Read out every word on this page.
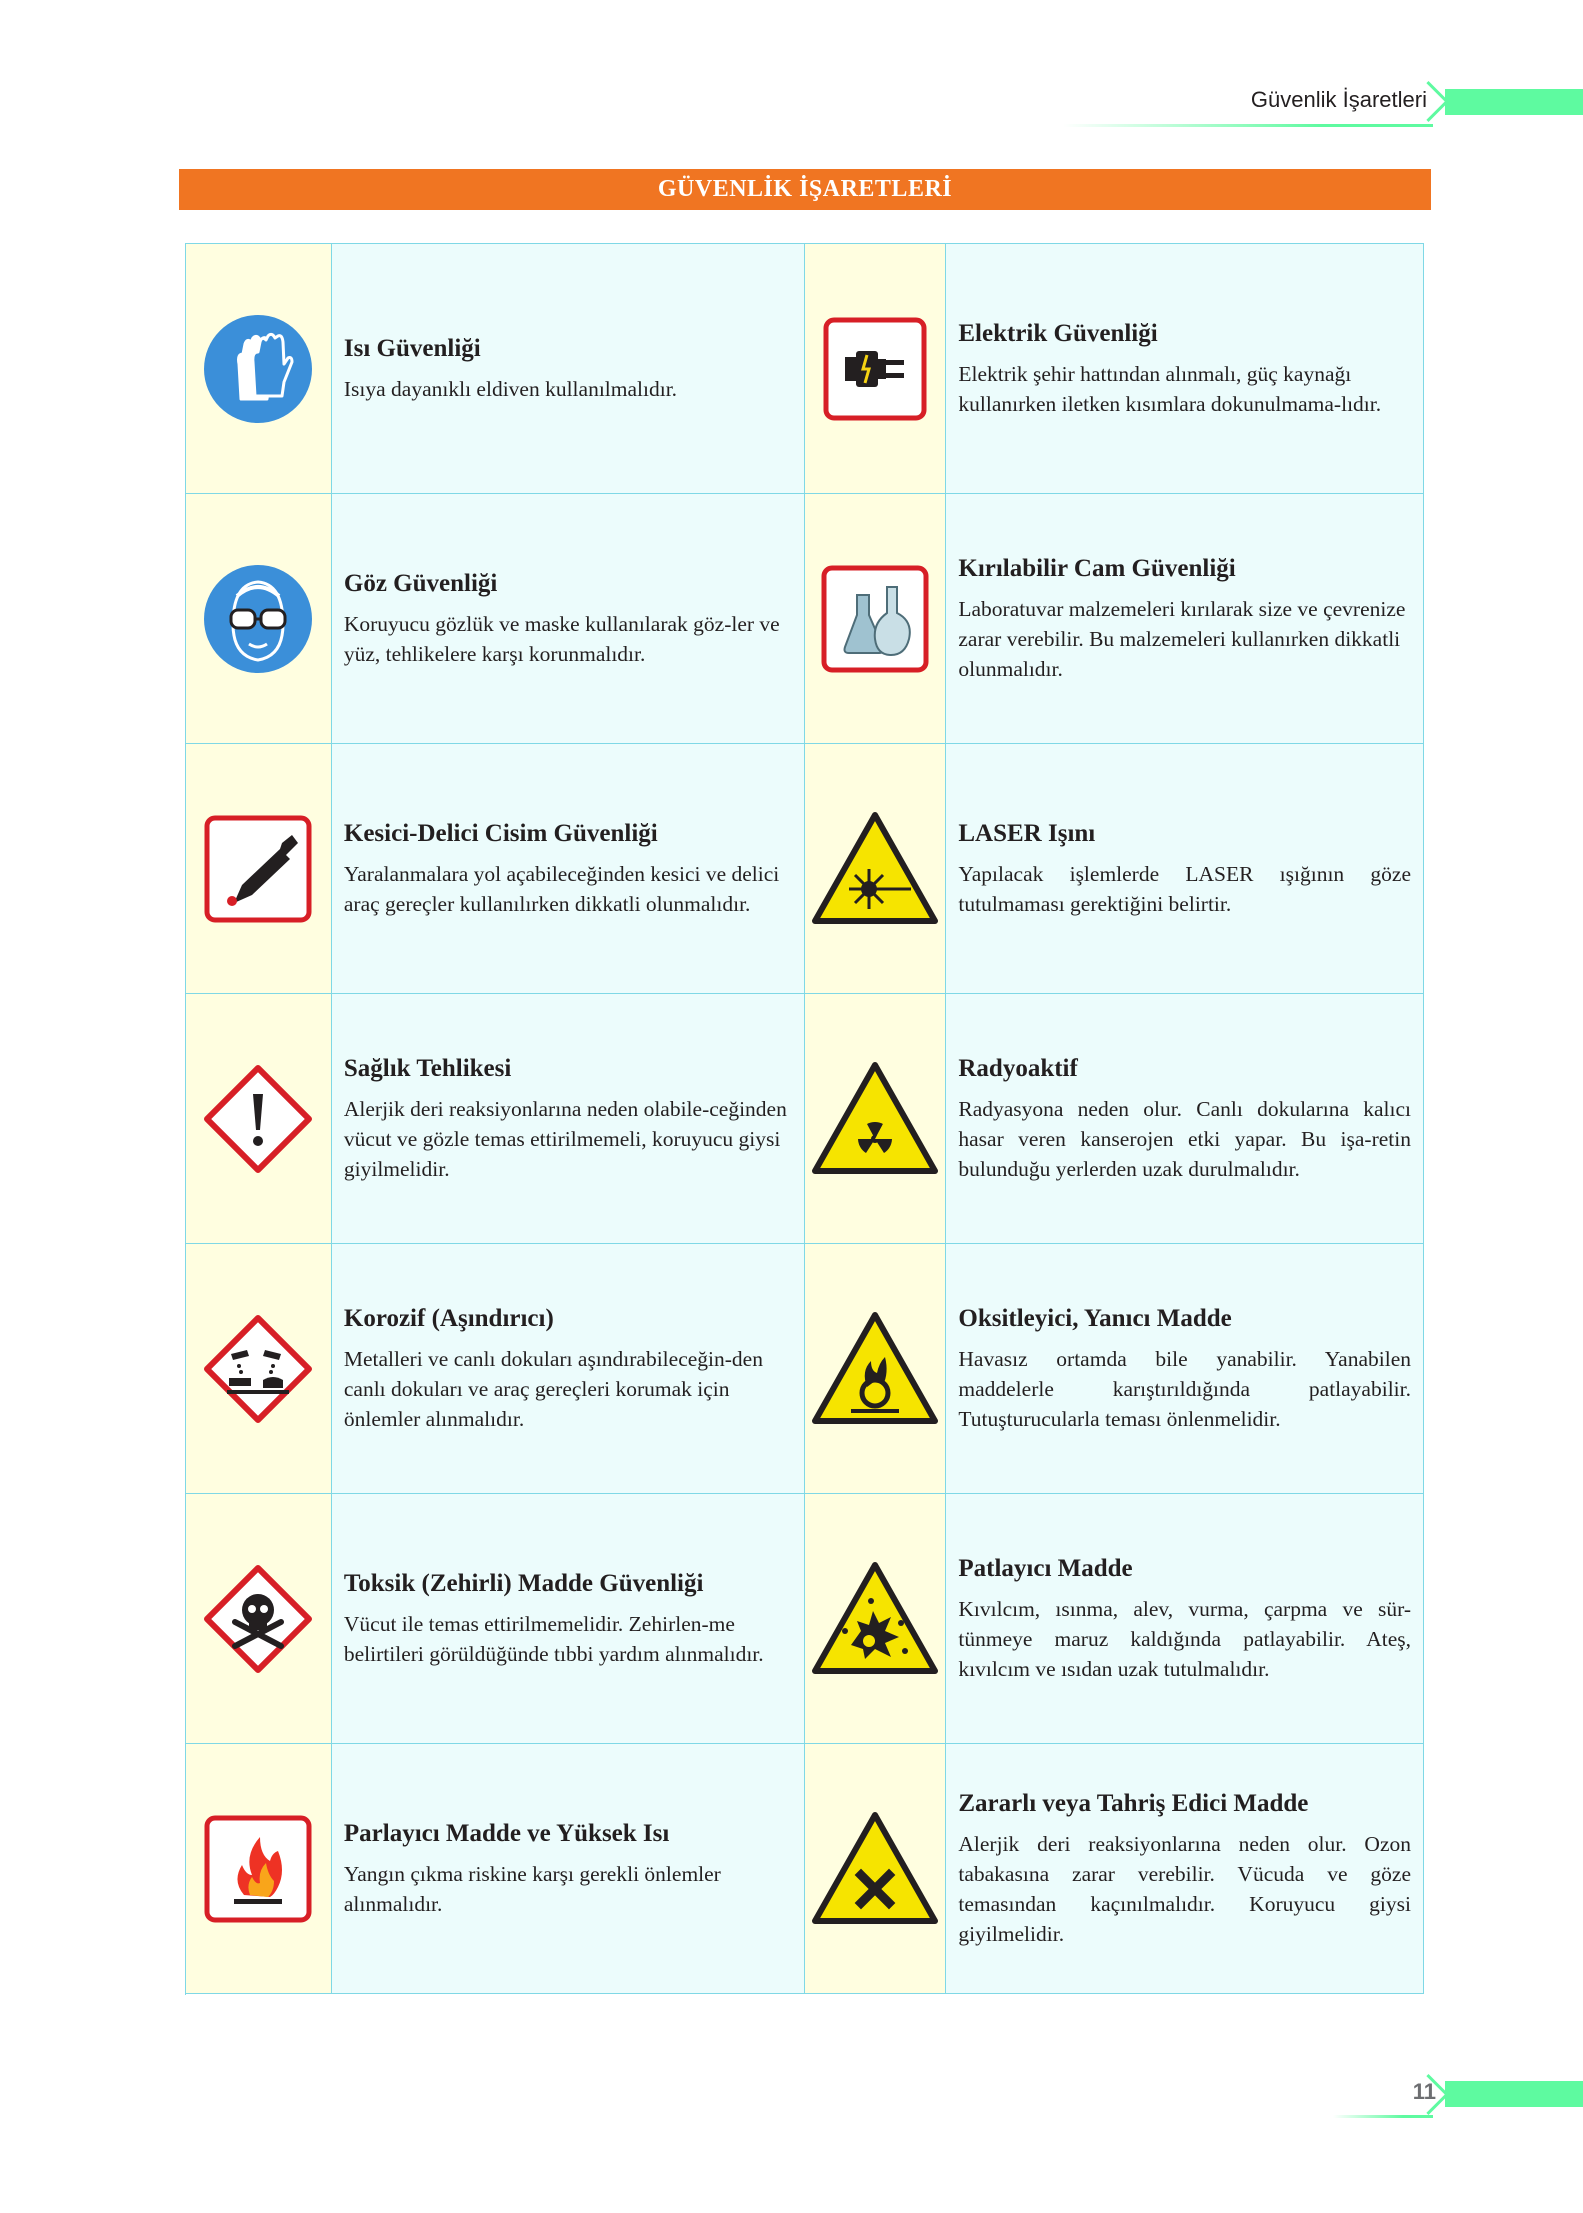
Güvenlik İşaretleri
GÜVENLİK İŞARETLERİ

Isı Güvenliği

Isıya dayanıklı eldiven kullanılmalıdır.

Elektrik Güvenliği

Elektrik şehir hattından alınmalı, güç kaynağı kullanırken iletken kısımlara dokunulmama-lıdır.

Göz Güvenliği

Koruyucu gözlük ve maske kullanılarak göz-ler ve yüz, tehlikelere karşı korunmalıdır.

Kırılabilir Cam Güvenliği

Laboratuvar malzemeleri kırılarak size ve çevrenize zarar verebilir. Bu malzemeleri kullanırken dikkatli olunmalıdır.

Kesici-Delici Cisim Güvenliği

Yaralanmalara yol açabileceğinden kesici ve delici araç gereçler kullanılırken dikkatli olunmalıdır.

LASER Işını

Yapılacak işlemlerde LASER ışığının göze tutulmaması gerektiğini belirtir.

Sağlık Tehlikesi

Alerjik deri reaksiyonlarına neden olabile-ceğinden vücut ve gözle temas ettirilmemeli, koruyucu giysi giyilmelidir.

Radyoaktif

Radyasyona neden olur. Canlı dokularına kalıcı hasar veren kanserojen etki yapar. Bu işa-retin bulunduğu yerlerden uzak durulmalıdır.

Korozif (Aşındırıcı)

Metalleri ve canlı dokuları aşındırabileceğin-den canlı dokuları ve araç gereçleri korumak için önlemler alınmalıdır.

Oksitleyici, Yanıcı Madde

Havasız ortamda bile yanabilir. Yanabilen maddelerle karıştırıldığında patlayabilir. Tutuşturucularla teması önlenmelidir.

Toksik (Zehirli) Madde Güvenliği

Vücut ile temas ettirilmemelidir. Zehirlen-me belirtileri görüldüğünde tıbbi yardım alınmalıdır.

Patlayıcı Madde

Kıvılcım, ısınma, alev, vurma, çarpma ve sür-tünmeye maruz kaldığında patlayabilir. Ateş, kıvılcım ve ısıdan uzak tutulmalıdır.

Parlayıcı Madde ve Yüksek Isı

Yangın çıkma riskine karşı gerekli önlemler alınmalıdır.

Zararlı veya Tahriş Edici Madde

Alerjik deri reaksiyonlarına neden olur. Ozon tabakasına zarar verebilir. Vücuda ve göze temasından kaçınılmalıdır. Koruyucu giysi giyilmelidir.

11
